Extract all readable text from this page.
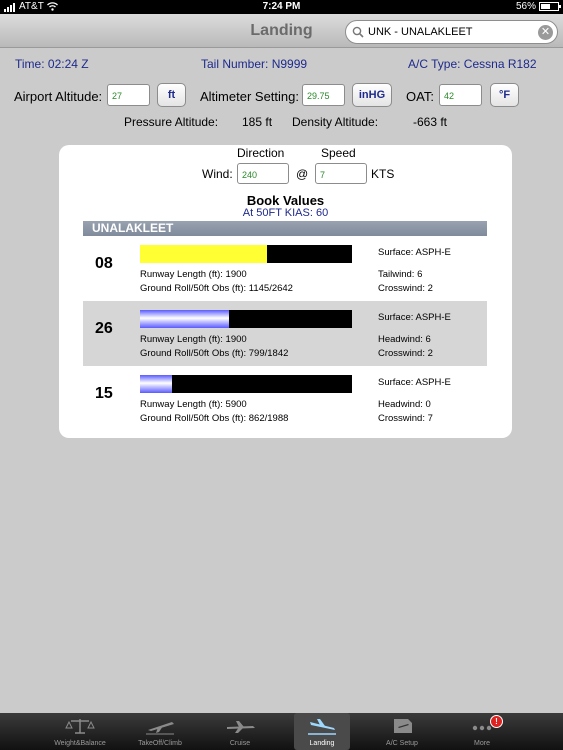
AT&T	7:24 PM	56%
Landing
UNK - UNALAKLEET	✕
Time: 02:24 Z	Tail Number: N9999	A/C Type: Cessna R182
Airport Altitude:	27	ft	Altimeter Setting: 29.75	inHG	OAT:	42	°F
Pressure Altitude: 185 ft Density Altitude:	-663 ft
Direction	Speed
Wind:	240	@	7	KTS
Book Values
At 50FT KIAS: 60
UNALAKLEET
08
Runway Length (ft): 1900
Ground Roll/50ft Obs (ft): 1145/2642
Surface: ASPH-E
Tailwind: 6
Crosswind: 2
26
Runway Length (ft): 1900
Ground Roll/50ft Obs (ft): 799/1842
Surface: ASPH-E
Headwind: 6
Crosswind: 2
15
Runway Length (ft): 5900
Ground Roll/50ft Obs (ft): 862/1988
Surface: ASPH-E
Headwind: 0
Crosswind: 7
Weight&Balance	TakeOff/Climb	Cruise	Landing	A/C Setup
!
More
